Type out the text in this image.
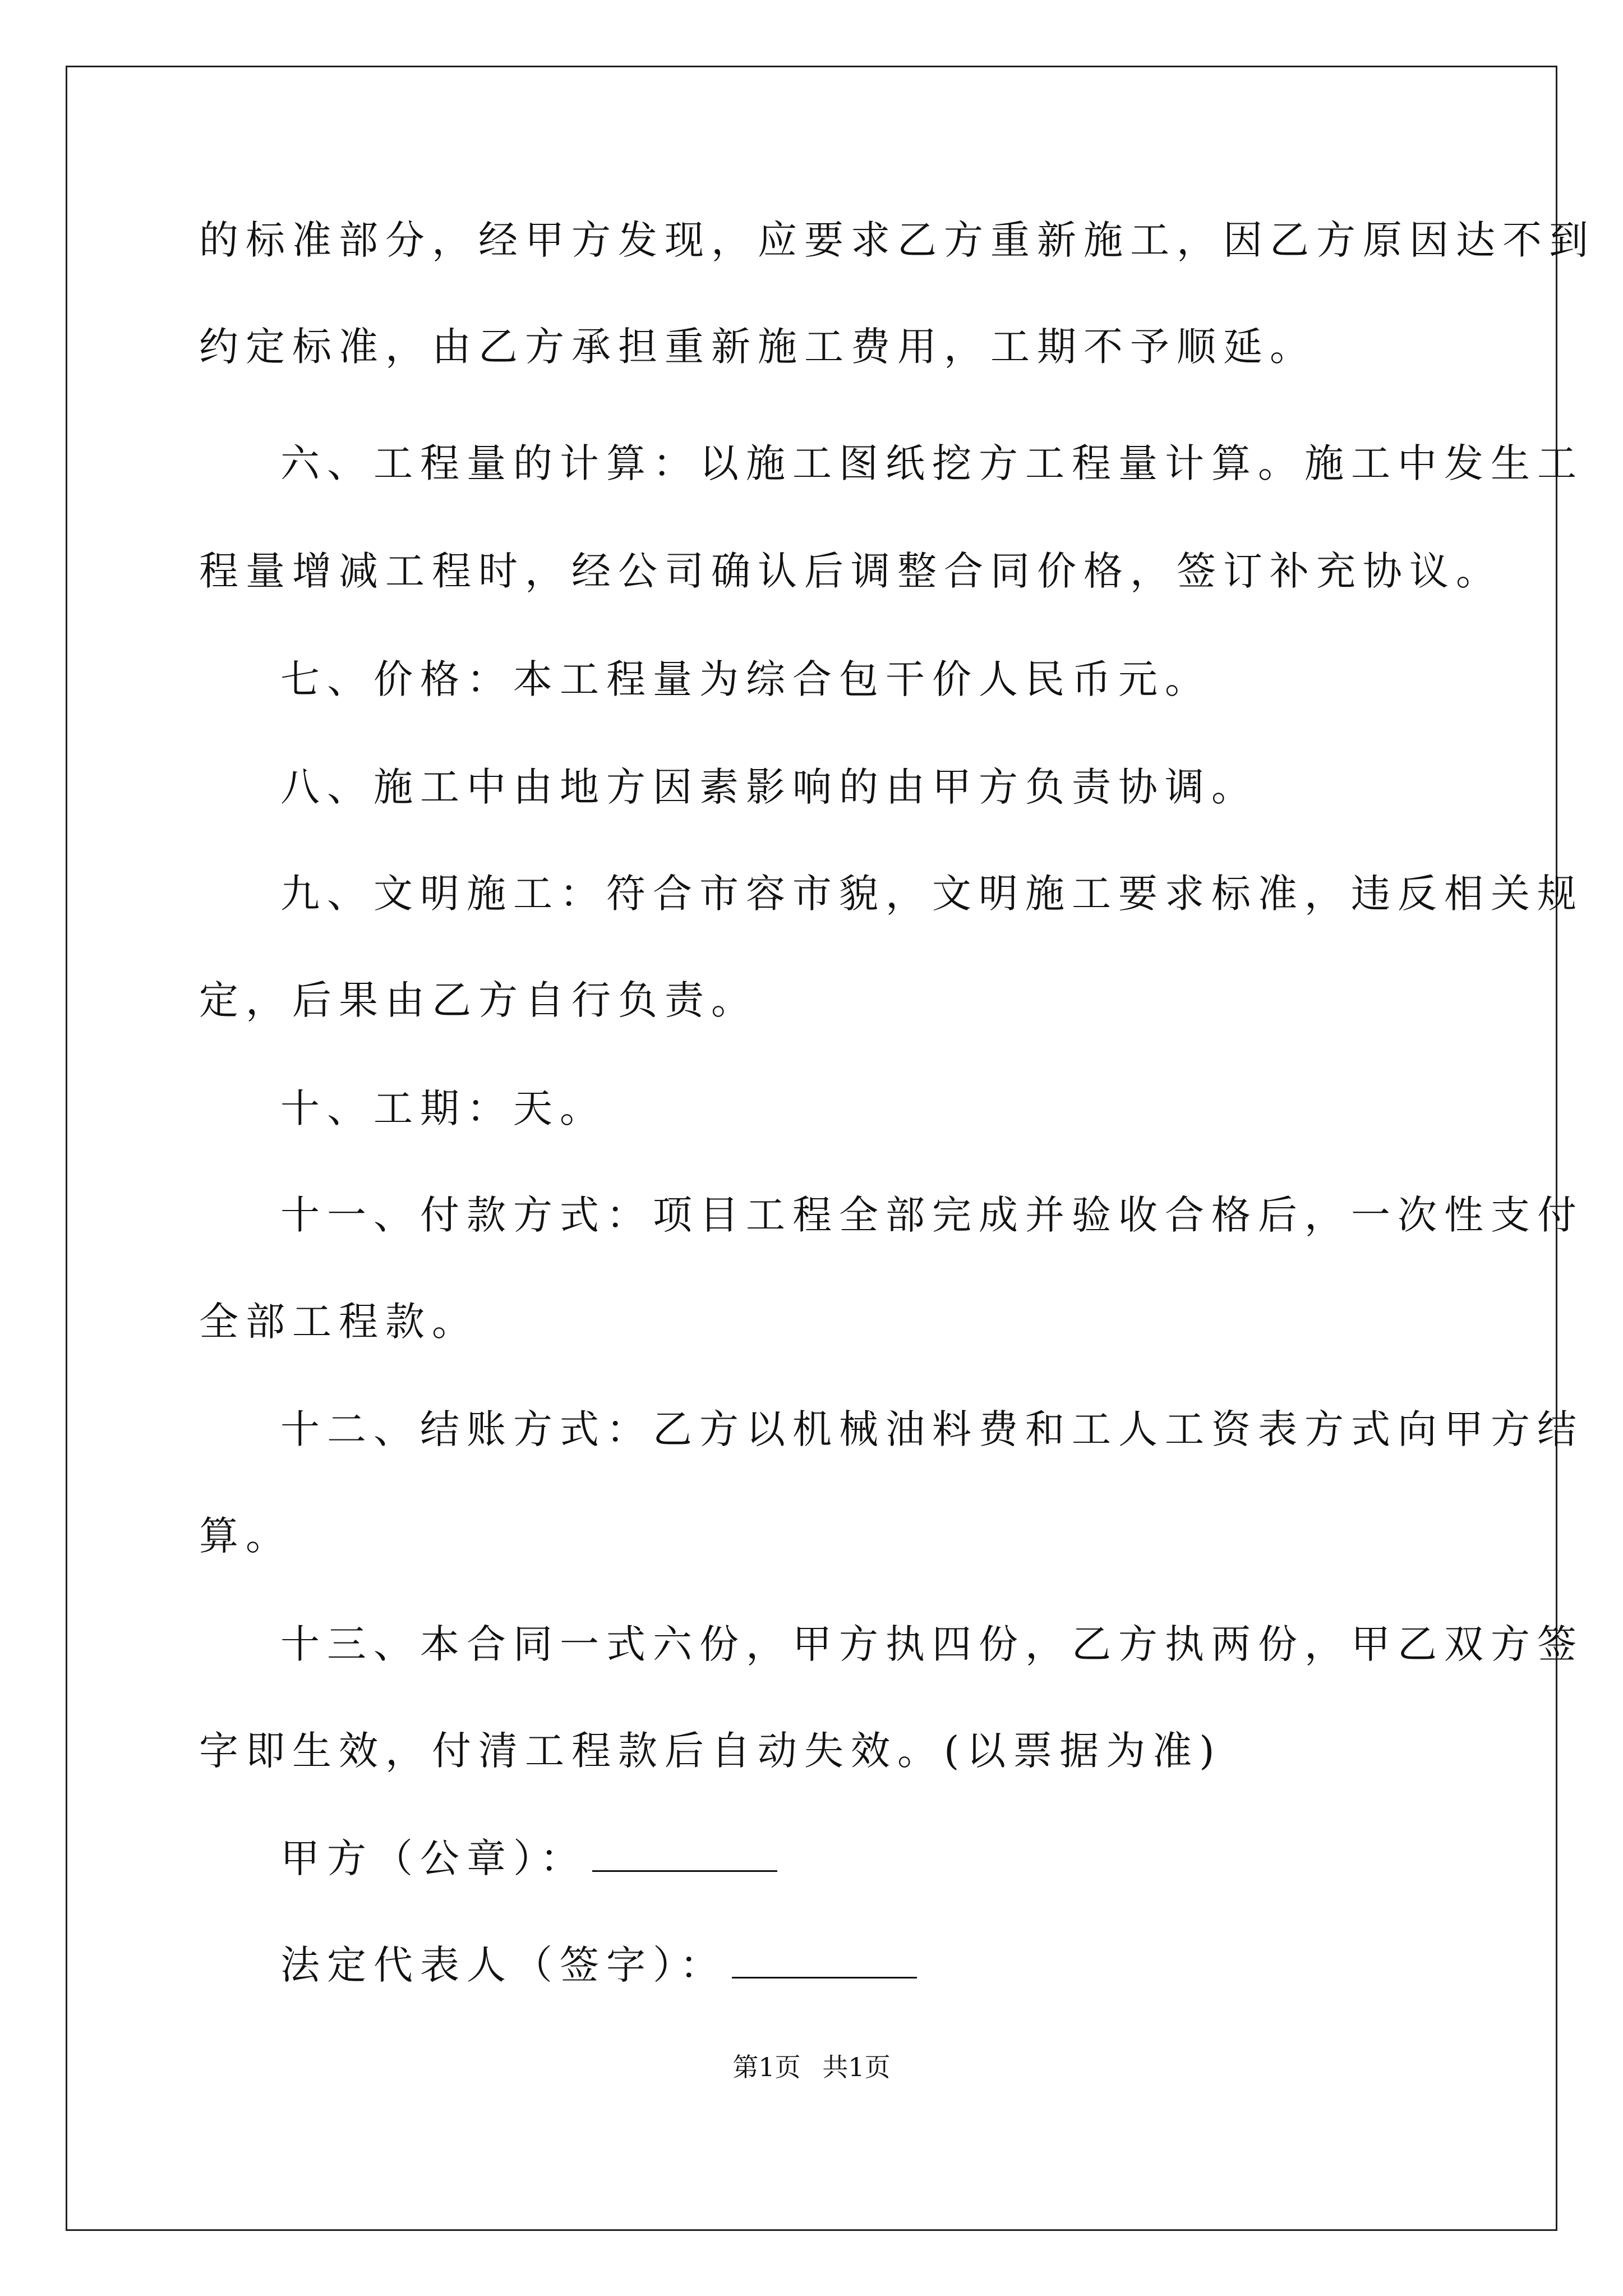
的标准部分，经甲方发现，应要求乙方重新施工，因乙方原因达不到
约定标准，由乙方承担重新施工费用，工期不予顺延。
六、工程量的计算：以施工图纸挖方工程量计算。施工中发生工
程量增减工程时，经公司确认后调整合同价格，签订补充协议。
七、价格：本工程量为综合包干价人民币元。
八、施工中由地方因素影响的由甲方负责协调。
九、文明施工：符合市容市貌，文明施工要求标准，违反相关规
定，后果由乙方自行负责。
十、工期：天。
十一、付款方式：项目工程全部完成并验收合格后，一次性支付
全部工程款。
十二、结账方式：乙方以机械油料费和工人工资表方式向甲方结
算。
十三、本合同一式六份，甲方执四份，乙方执两份，甲乙双方签
字即生效，付清工程款后自动失效。(以票据为准)
甲方（公章）：
法定代表人（签字）：
第1页 共1页
